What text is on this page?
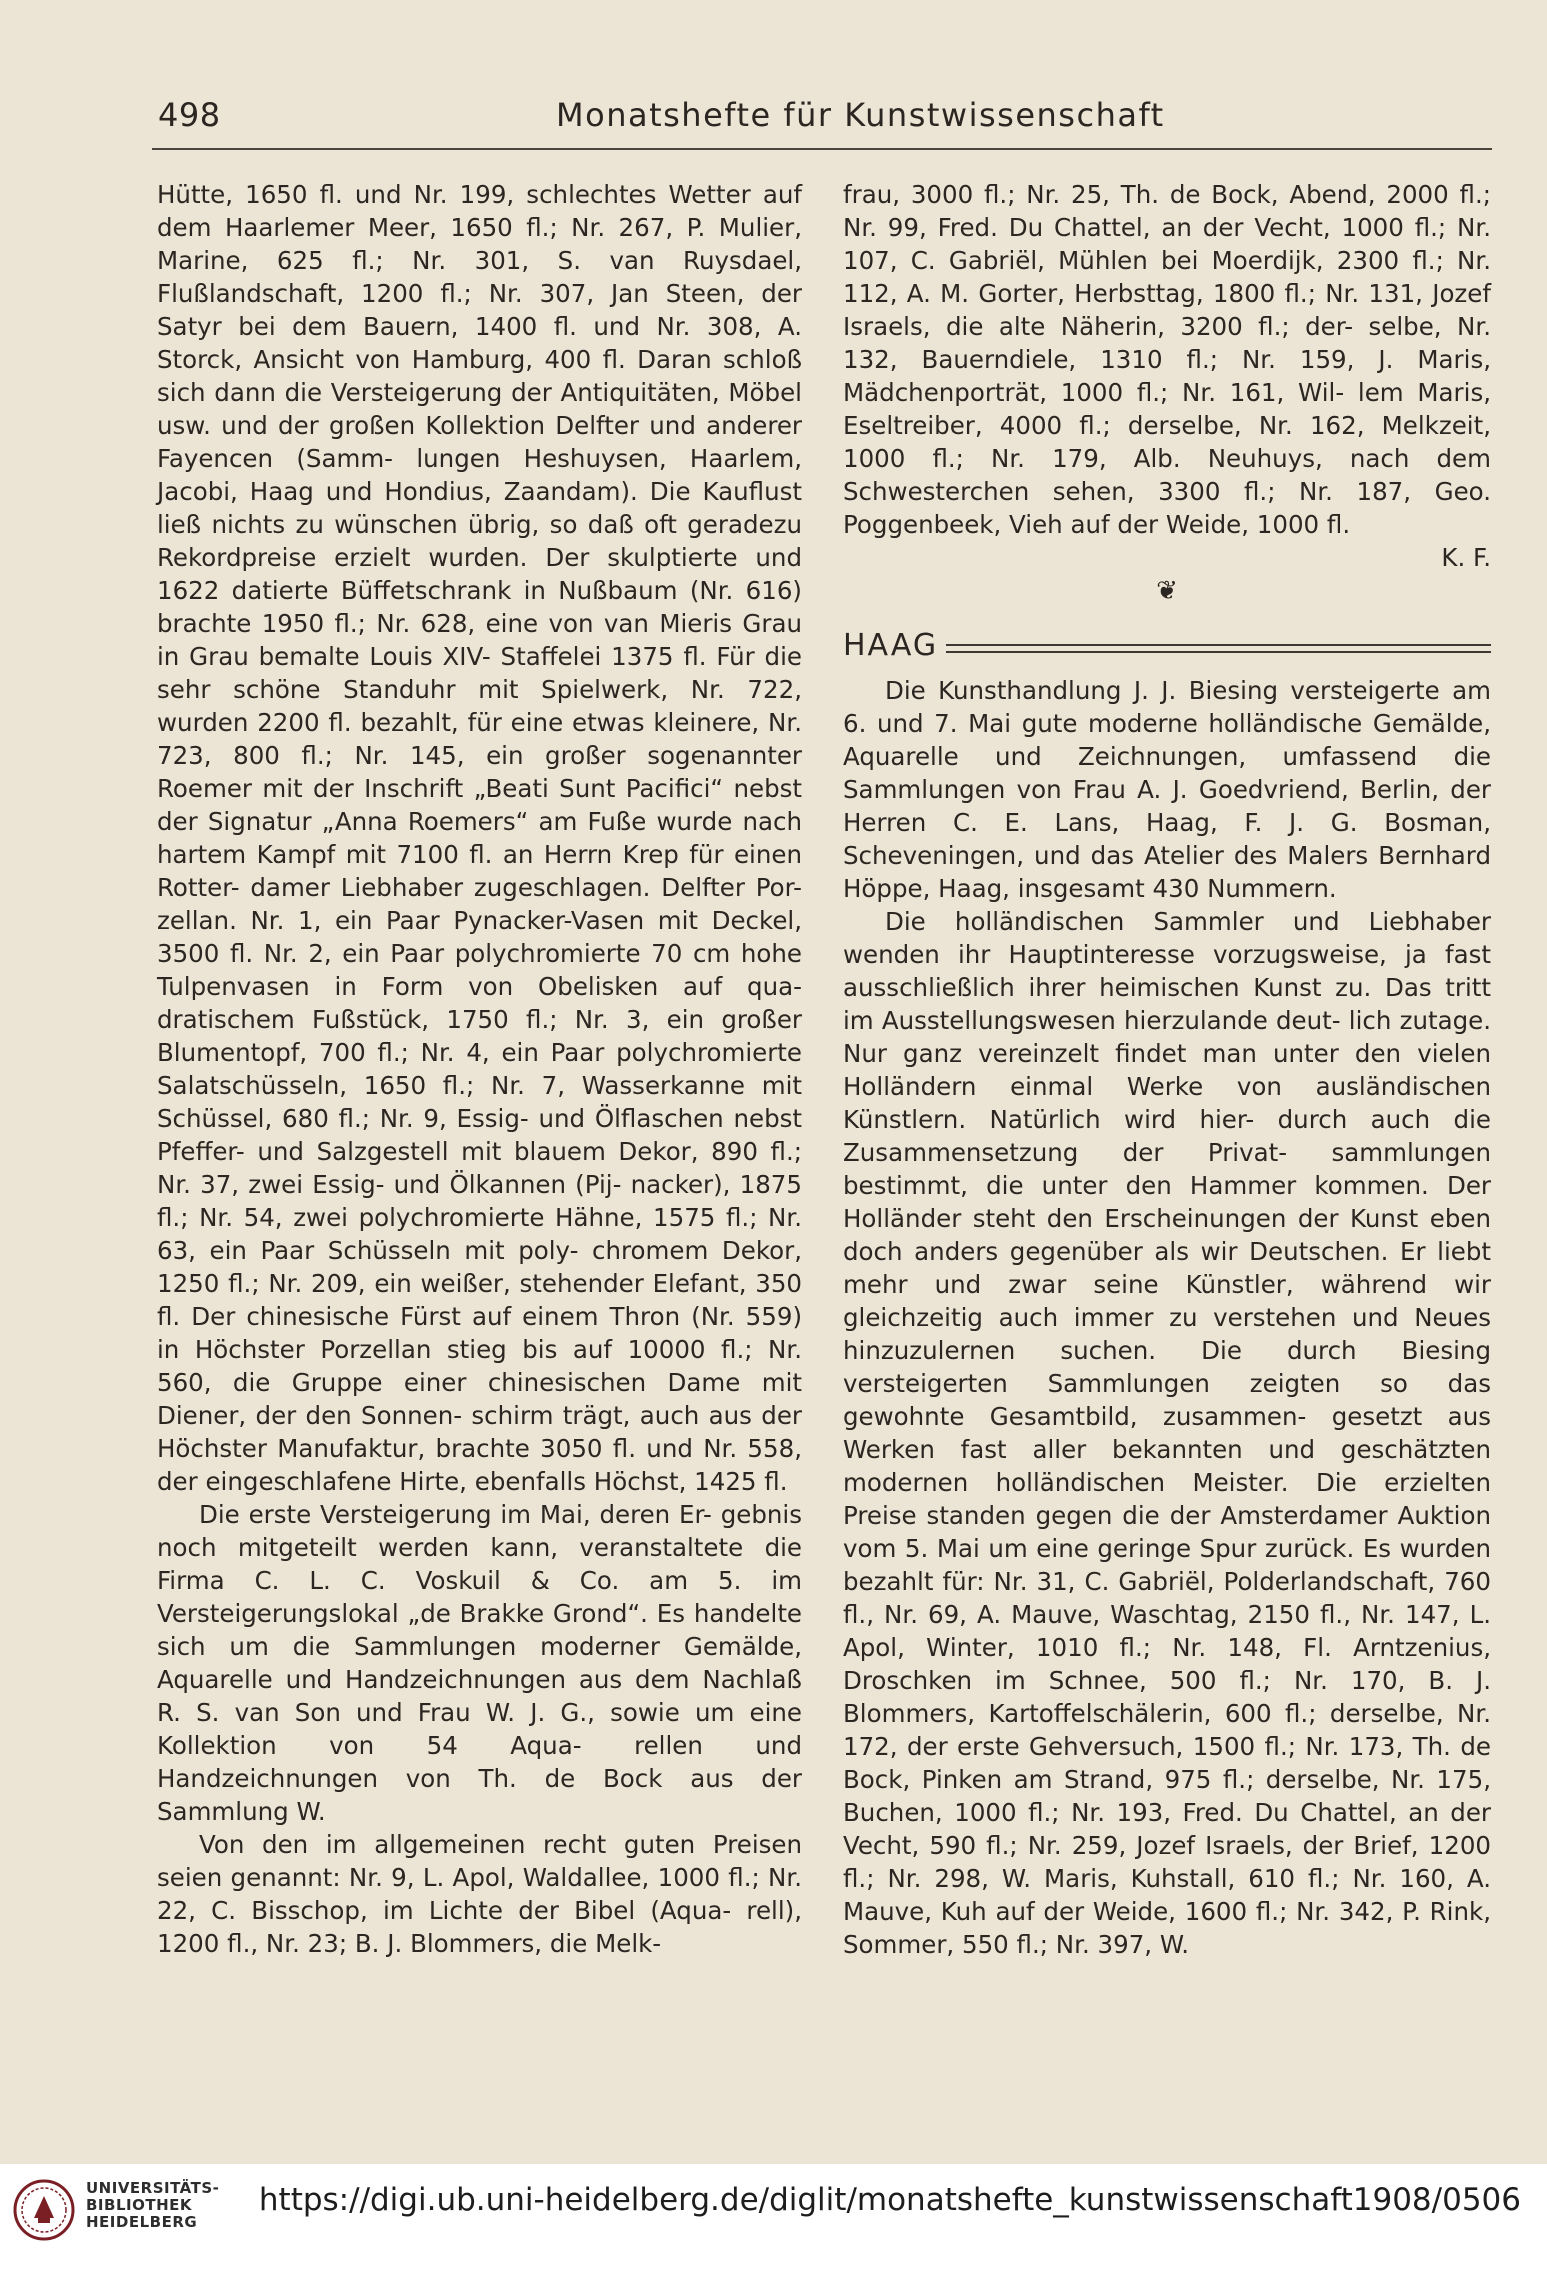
498	Monatshefte für Kunstwissenschaft

Hütte, 1650 fl. und Nr. 199, schlechtes Wetter auf dem Haarlemer Meer, 1650 fl.; Nr. 267, P. Mulier, Marine, 625 fl.; Nr. 301, S. van Ruysdael, Flußlandschaft, 1200 fl.; Nr. 307, Jan Steen, der Satyr bei dem Bauern, 1400 fl. und Nr. 308, A. Storck, Ansicht von Hamburg, 400 fl. Daran schloß sich dann die Versteigerung der Antiquitäten, Möbel usw. und der großen Kollektion Delfter und anderer Fayencen (Samm- lungen Heshuysen, Haarlem, Jacobi, Haag und Hondius, Zaandam). Die Kauflust ließ nichts zu wünschen übrig, so daß oft geradezu Rekordpreise erzielt wurden. Der skulptierte und 1622 datierte Büffetschrank in Nußbaum (Nr. 616) brachte 1950 fl.; Nr. 628, eine von van Mieris Grau in Grau bemalte Louis XIV- Staffelei 1375 fl. Für die sehr schöne Standuhr mit Spielwerk, Nr. 722, wurden 2200 fl. bezahlt, für eine etwas kleinere, Nr. 723, 800 fl.; Nr. 145, ein großer sogenannter Roemer mit der Inschrift „Beati Sunt Pacifici“ nebst der Signatur „Anna Roemers“ am Fuße wurde nach hartem Kampf mit 7100 fl. an Herrn Krep für einen Rotter- damer Liebhaber zugeschlagen. Delfter Por- zellan. Nr. 1, ein Paar Pynacker-Vasen mit Deckel, 3500 fl. Nr. 2, ein Paar polychromierte 70 cm hohe Tulpenvasen in Form von Obelisken auf qua- dratischem Fußstück, 1750 fl.; Nr. 3, ein großer Blumentopf, 700 fl.; Nr. 4, ein Paar polychromierte Salatschüsseln, 1650 fl.; Nr. 7, Wasserkanne mit Schüssel, 680 fl.; Nr. 9, Essig- und Ölflaschen nebst Pfeffer- und Salzgestell mit blauem Dekor, 890 fl.; Nr. 37, zwei Essig- und Ölkannen (Pij- nacker), 1875 fl.; Nr. 54, zwei polychromierte Hähne, 1575 fl.; Nr. 63, ein Paar Schüsseln mit poly- chromem Dekor, 1250 fl.; Nr. 209, ein weißer, stehender Elefant, 350 fl. Der chinesische Fürst auf einem Thron (Nr. 559) in Höchster Porzellan stieg bis auf 10000 fl.; Nr. 560, die Gruppe einer chinesischen Dame mit Diener, der den Sonnen- schirm trägt, auch aus der Höchster Manufaktur, brachte 3050 fl. und Nr. 558, der eingeschlafene Hirte, ebenfalls Höchst, 1425 fl.

Die erste Versteigerung im Mai, deren Er- gebnis noch mitgeteilt werden kann, veranstaltete die Firma C. L. C. Voskuil & Co. am 5. im Versteigerungslokal „de Brakke Grond“. Es handelte sich um die Sammlungen moderner Gemälde, Aquarelle und Handzeichnungen aus dem Nachlaß R. S. van Son und Frau W. J. G., sowie um eine Kollektion von 54 Aqua- rellen und Handzeichnungen von Th. de Bock aus der Sammlung W.

Von den im allgemeinen recht guten Preisen seien genannt: Nr. 9, L. Apol, Waldallee, 1000 fl.; Nr. 22, C. Bisschop, im Lichte der Bibel (Aqua- rell), 1200 fl., Nr. 23; B. J. Blommers, die Melk-

frau, 3000 fl.; Nr. 25, Th. de Bock, Abend, 2000 fl.; Nr. 99, Fred. Du Chattel, an der Vecht, 1000 fl.; Nr. 107, C. Gabriël, Mühlen bei Moerdijk, 2300 fl.; Nr. 112, A. M. Gorter, Herbsttag, 1800 fl.; Nr. 131, Jozef Israels, die alte Näherin, 3200 fl.; der- selbe, Nr. 132, Bauerndiele, 1310 fl.; Nr. 159, J. Maris, Mädchenporträt, 1000 fl.; Nr. 161, Wil- lem Maris, Eseltreiber, 4000 fl.; derselbe, Nr. 162, Melkzeit, 1000 fl.; Nr. 179, Alb. Neuhuys, nach dem Schwesterchen sehen, 3300 fl.; Nr. 187, Geo. Poggenbeek, Vieh auf der Weide, 1000 fl.

K. F.

❦
HAAG

Die Kunsthandlung J. J. Biesing versteigerte am 6. und 7. Mai gute moderne holländische Gemälde, Aquarelle und Zeichnungen, umfassend die Sammlungen von Frau A. J. Goedvriend, Berlin, der Herren C. E. Lans, Haag, F. J. G. Bosman, Scheveningen, und das Atelier des Malers Bernhard Höppe, Haag, insgesamt 430 Nummern.

Die holländischen Sammler und Liebhaber wenden ihr Hauptinteresse vorzugsweise, ja fast ausschließlich ihrer heimischen Kunst zu. Das tritt im Ausstellungswesen hierzulande deut- lich zutage. Nur ganz vereinzelt findet man unter den vielen Holländern einmal Werke von ausländischen Künstlern. Natürlich wird hier- durch auch die Zusammensetzung der Privat- sammlungen bestimmt, die unter den Hammer kommen. Der Holländer steht den Erscheinungen der Kunst eben doch anders gegenüber als wir Deutschen. Er liebt mehr und zwar seine Künstler, während wir gleichzeitig auch immer zu verstehen und Neues hinzuzulernen suchen. Die durch Biesing versteigerten Sammlungen zeigten so das gewohnte Gesamtbild, zusammen- gesetzt aus Werken fast aller bekannten und geschätzten modernen holländischen Meister. Die erzielten Preise standen gegen die der Amsterdamer Auktion vom 5. Mai um eine geringe Spur zurück. Es wurden bezahlt für: Nr. 31, C. Gabriël, Polderlandschaft, 760 fl., Nr. 69, A. Mauve, Waschtag, 2150 fl., Nr. 147, L. Apol, Winter, 1010 fl.; Nr. 148, Fl. Arntzenius, Droschken im Schnee, 500 fl.; Nr. 170, B. J. Blommers, Kartoffelschälerin, 600 fl.; derselbe, Nr. 172, der erste Gehversuch, 1500 fl.; Nr. 173, Th. de Bock, Pinken am Strand, 975 fl.; derselbe, Nr. 175, Buchen, 1000 fl.; Nr. 193, Fred. Du Chattel, an der Vecht, 590 fl.; Nr. 259, Jozef Israels, der Brief, 1200 fl.; Nr. 298, W. Maris, Kuhstall, 610 fl.; Nr. 160, A. Mauve, Kuh auf der Weide, 1600 fl.; Nr. 342, P. Rink, Sommer, 550 fl.; Nr. 397, W.

UNIVERSITÄTS-
BIBLIOTHEK
HEIDELBERG
https://digi.ub.uni-heidelberg.de/diglit/monatshefte_kunstwissenschaft1908/0506
